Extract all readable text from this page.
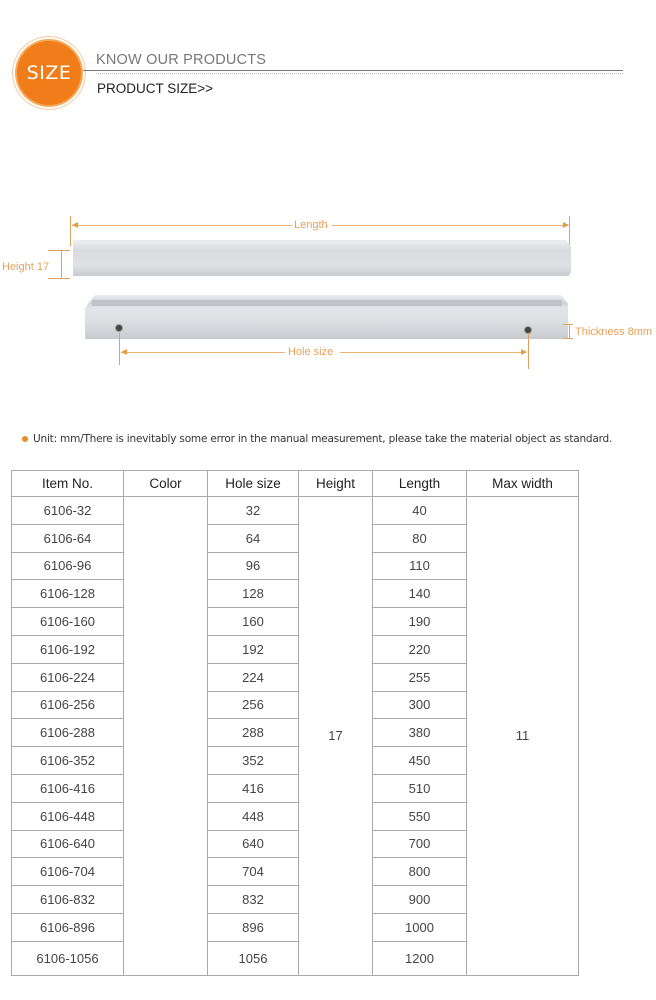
SIZE
KNOW OUR PRODUCTS
PRODUCT SIZE>>
Length
Height 17
Hole size
Thickness 8mm
Unit: mm/There is inevitably some error in the manual measurement, please take the material object as standard.
Item No.	Color	Hole size	Height	Length	Max width
6106-32		32	17	40	11
6106-64		64		80	
6106-96		96		110	
6106-128		128		140	
6106-160		160		190	
6106-192		192		220	
6106-224		224		255	
6106-256		256		300	
6106-288		288		380	
6106-352		352		450	
6106-416		416		510	
6106-448		448		550	
6106-640		640		700	
6106-704		704		800	
6106-832		832		900	
6106-896		896		1000	
6106-1056		1056		1200	
